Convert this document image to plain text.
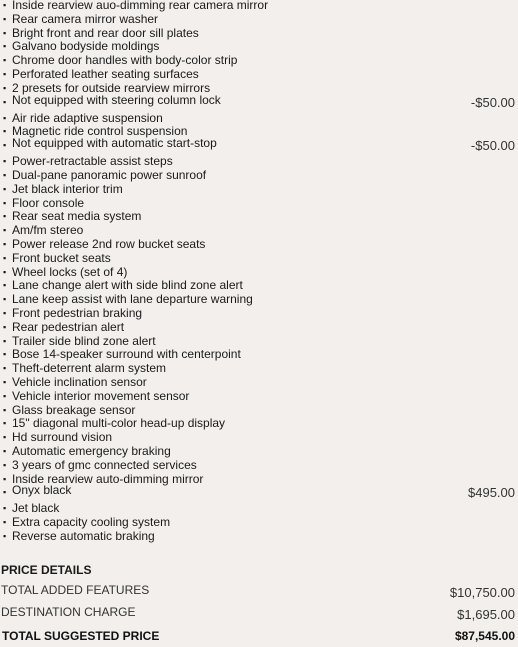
▪ Inside rearview auo-dimming rear camera mirror
▪ Rear camera mirror washer
▪ Bright front and rear door sill plates
▪ Galvano bodyside moldings
▪ Chrome door handles with body-color strip
▪ Perforated leather seating surfaces
▪ 2 presets for outside rearview mirrors
▪ Not equipped with steering column lock	-$50.00
▪ Air ride adaptive suspension
▪ Magnetic ride control suspension
▪ Not equipped with automatic start-stop	-$50.00
▪ Power-retractable assist steps
▪ Dual-pane panoramic power sunroof
▪ Jet black interior trim
▪ Floor console
▪ Rear seat media system
▪ Am/fm stereo
▪ Power release 2nd row bucket seats
▪ Front bucket seats
▪ Wheel locks (set of 4)
▪ Lane change alert with side blind zone alert
▪ Lane keep assist with lane departure warning
▪ Front pedestrian braking
▪ Rear pedestrian alert
▪ Trailer side blind zone alert
▪ Bose 14-speaker surround with centerpoint
▪ Theft-deterrent alarm system
▪ Vehicle inclination sensor
▪ Vehicle interior movement sensor
▪ Glass breakage sensor
▪ 15" diagonal multi-color head-up display
▪ Hd surround vision
▪ Automatic emergency braking
▪ 3 years of gmc connected services
▪ Inside rearview auto-dimming mirror
▪ Onyx black	$495.00
▪ Jet black
▪ Extra capacity cooling system
▪ Reverse automatic braking
PRICE DETAILS
TOTAL ADDED FEATURES	$10,750.00
DESTINATION CHARGE	$1,695.00
TOTAL SUGGESTED PRICE	$87,545.00
